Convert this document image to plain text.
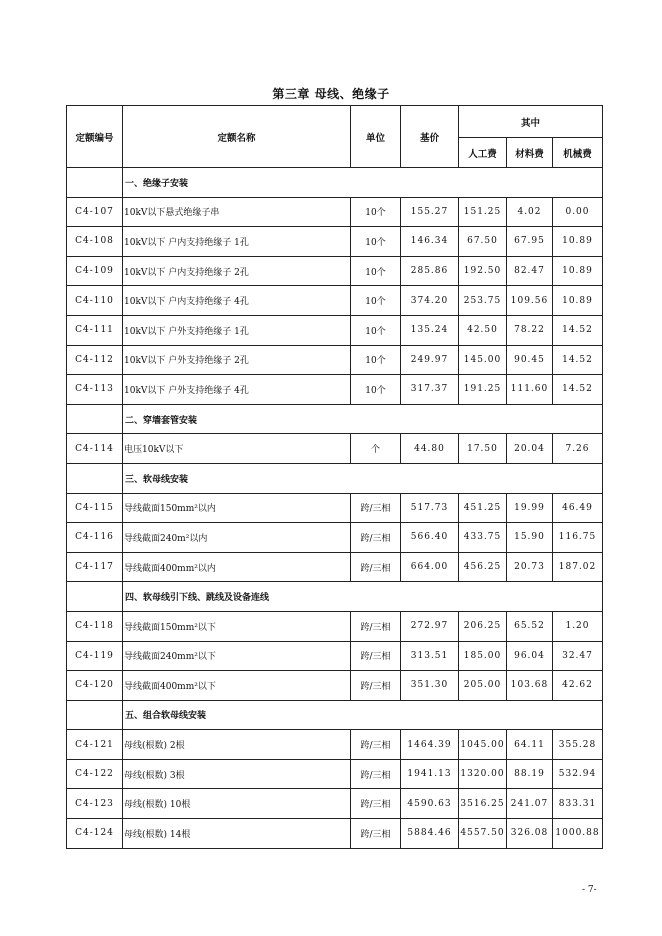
第三章 母线、绝缘子
定额编号	定额名称	单位	基价	其中		
				人工费	材料费	机械费
	一、绝缘子安装					
C4-107	10kV以下悬式绝缘子串	10个	155.27	151.25	4.02	0.00
C4-108	10kV以下 户内支持绝缘子 1孔	10个	146.34	67.50	67.95	10.89
C4-109	10kV以下 户内支持绝缘子 2孔	10个	285.86	192.50	82.47	10.89
C4-110	10kV以下 户内支持绝缘子 4孔	10个	374.20	253.75	109.56	10.89
C4-111	10kV以下 户外支持绝缘子 1孔	10个	135.24	42.50	78.22	14.52
C4-112	10kV以下 户外支持绝缘子 2孔	10个	249.97	145.00	90.45	14.52
C4-113	10kV以下 户外支持绝缘子 4孔	10个	317.37	191.25	111.60	14.52
	二、穿墙套管安装					
C4-114	电压10kV以下	个	44.80	17.50	20.04	7.26
	三、软母线安装					
C4-115	导线截面150mm²以内	跨/三相	517.73	451.25	19.99	46.49
C4-116	导线截面240m²以内	跨/三相	566.40	433.75	15.90	116.75
C4-117	导线截面400mm²以内	跨/三相	664.00	456.25	20.73	187.02
	四、软母线引下线、跳线及设备连线					
C4-118	导线截面150mm²以下	跨/三相	272.97	206.25	65.52	1.20
C4-119	导线截面240mm²以下	跨/三相	313.51	185.00	96.04	32.47
C4-120	导线截面400mm²以下	跨/三相	351.30	205.00	103.68	42.62
	五、组合软母线安装					
C4-121	母线(根数) 2根	跨/三相	1464.39	1045.00	64.11	355.28
C4-122	母线(根数) 3根	跨/三相	1941.13	1320.00	88.19	532.94
C4-123	母线(根数) 10根	跨/三相	4590.63	3516.25	241.07	833.31
C4-124	母线(根数) 14根	跨/三相	5884.46	4557.50	326.08	1000.88
- 7-
